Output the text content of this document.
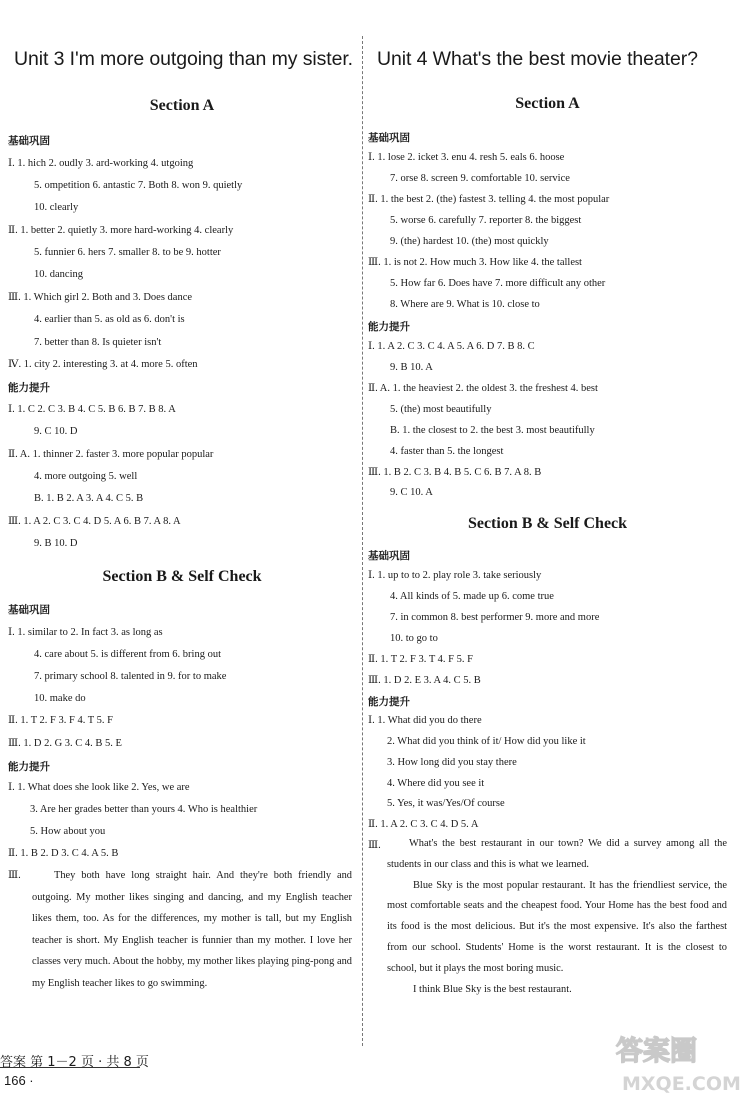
Unit 3 I'm more outgoing than my sister.
Section A
基础巩固
Ⅰ. 1. hich 2. oudly 3. ard-working 4. utgoing
5. ompetition 6. antastic 7. Both 8. won 9. quietly
10. clearly
Ⅱ. 1. better 2. quietly 3. more hard-working 4. clearly
5. funnier 6. hers 7. smaller 8. to be 9. hotter
10. dancing
Ⅲ. 1. Which girl 2. Both and 3. Does dance
4. earlier than 5. as old as 6. don't is
7. better than 8. Is quieter isn't
Ⅳ. 1. city 2. interesting 3. at 4. more 5. often
能力提升
Ⅰ. 1. C 2. C 3. B 4. C 5. B 6. B 7. B 8. A
9. C 10. D
Ⅱ. A. 1. thinner 2. faster 3. more popular popular
4. more outgoing 5. well
B. 1. B 2. A 3. A 4. C 5. B
Ⅲ. 1. A 2. C 3. C 4. D 5. A 6. B 7. A 8. A
9. B 10. D
Section B & Self Check
基础巩固
Ⅰ. 1. similar to 2. In fact 3. as long as
4. care about 5. is different from 6. bring out
7. primary school 8. talented in 9. for to make
10. make do
Ⅱ. 1. T 2. F 3. F 4. T 5. F
Ⅲ. 1. D 2. G 3. C 4. B 5. E
能力提升
Ⅰ. 1. What does she look like 2. Yes, we are
3. Are her grades better than yours 4. Who is healthier
5. How about you
Ⅱ. 1. B 2. D 3. C 4. A 5. B
Ⅲ.	They both have long straight hair. And they're both friendly and outgoing. My mother likes singing and dancing, and my English teacher likes them, too. As for the differences, my mother is tall, but my English teacher is short. My English teacher is funnier than my mother. I love her classes very much. About the hobby, my mother likes playing ping-pong and my English teacher likes to go swimming.

Unit 4 What's the best movie theater?
Section A
基础巩固
Ⅰ. 1. lose 2. icket 3. enu 4. resh 5. eals 6. hoose
7. orse 8. screen 9. comfortable 10. service
Ⅱ. 1. the best 2. (the) fastest 3. telling 4. the most popular
5. worse 6. carefully 7. reporter 8. the biggest
9. (the) hardest 10. (the) most quickly
Ⅲ. 1. is not 2. How much 3. How like 4. the tallest
5. How far 6. Does have 7. more difficult any other
8. Where are 9. What is 10. close to
能力提升
Ⅰ. 1. A 2. C 3. C 4. A 5. A 6. D 7. B 8. C
9. B 10. A
Ⅱ. A. 1. the heaviest 2. the oldest 3. the freshest 4. best
5. (the) most beautifully
B. 1. the closest to 2. the best 3. most beautifully
4. faster than 5. the longest
Ⅲ. 1. B 2. C 3. B 4. B 5. C 6. B 7. A 8. B
9. C 10. A
Section B & Self Check
基础巩固
Ⅰ. 1. up to to 2. play role 3. take seriously
4. All kinds of 5. made up 6. come true
7. in common 8. best performer 9. more and more
10. to go to
Ⅱ. 1. T 2. F 3. T 4. F 5. F
Ⅲ. 1. D 2. E 3. A 4. C 5. B
能力提升
Ⅰ. 1. What did you do there
2. What did you think of it/ How did you like it
3. How long did you stay there
4. Where did you see it
5. Yes, it was/Yes/Of course
Ⅱ. 1. A 2. C 3. C 4. D 5. A
Ⅲ.	What's the best restaurant in our town? We did a survey among all the students in our class and this is what we learned.

Blue Sky is the most popular restaurant. It has the friendliest service, the most comfortable seats and the cheapest food. Your Home has the best food and its food is the most delicious. But it's the most expensive. It's also the farthest from our school. Students' Home is the worst restaurant. It is the closest to school, but it plays the most boring music.

I think Blue Sky is the best restaurant.

答案 第 1－2 页 · 共 8 页
166 ·
答案圈
MXQE.COM
